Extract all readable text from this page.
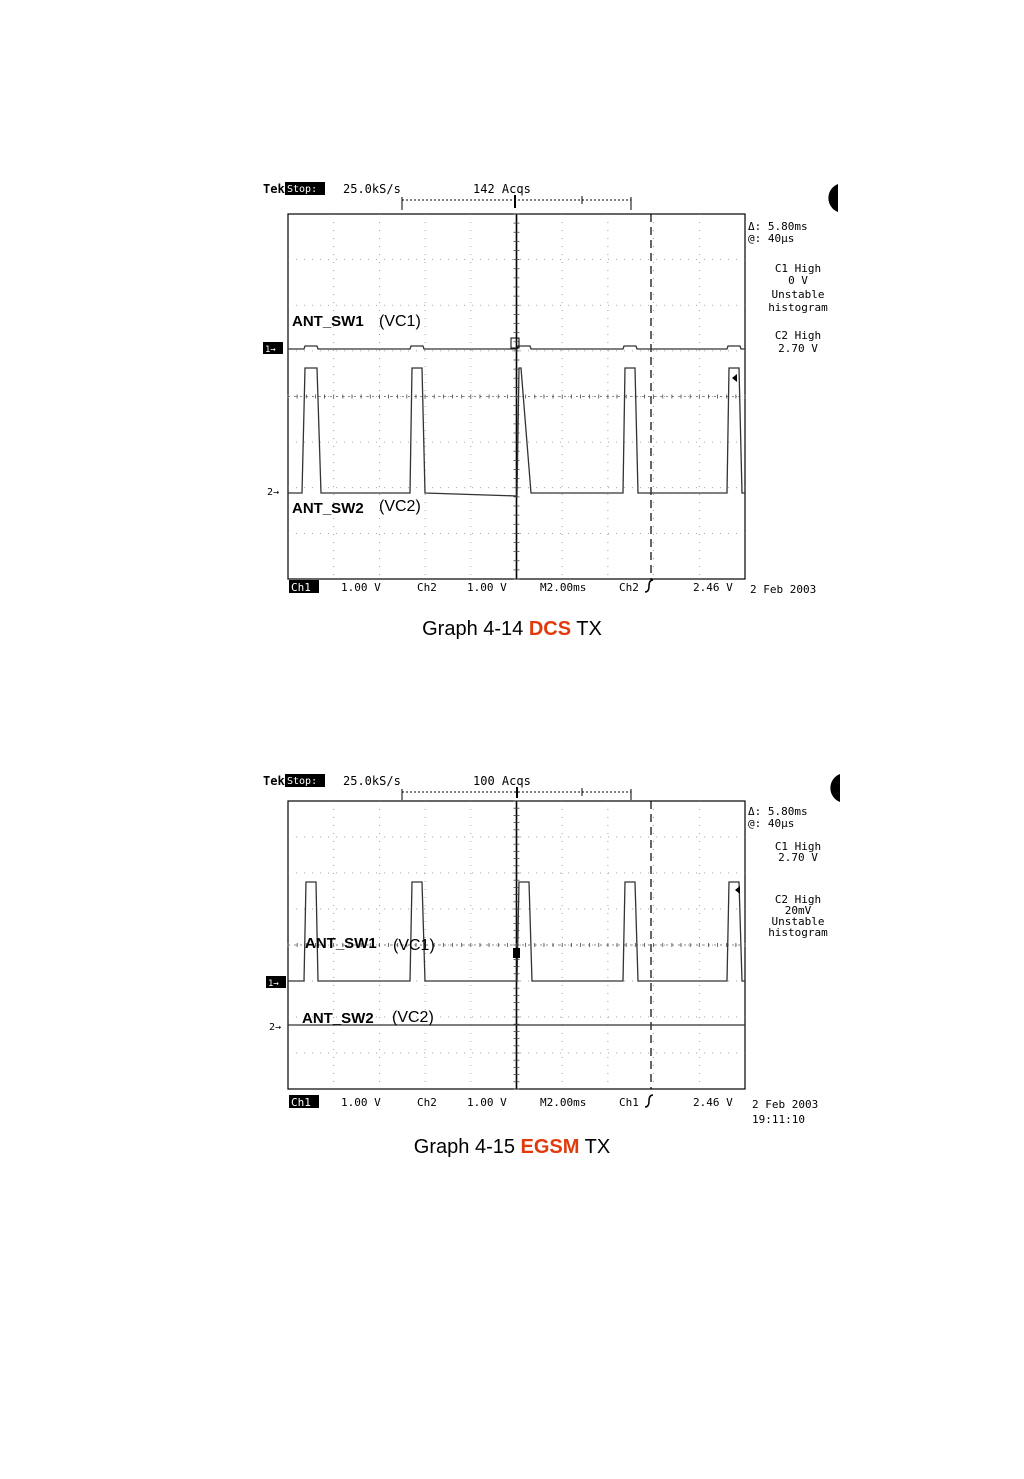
Tek Stop: 25.0kS/s	142 Acqs
Δ: 5.80ms
@: 40µs
C1 High
0 V
Unstable
histogram
C2 High
2.70 V
1→
2→
ANT_SW1 (VC1)
ANT_SW2 (VC2)
Ch1	1.00 V	Ch2	1.00 V	M2.00ms	Ch2	2.46 V 2 Feb 2003
Graph 4-14 DCS TX
Tek Stop: 25.0kS/s	100 Acqs
Δ: 5.80ms
@: 40µs
C1 High
2.70 V
C2 High
20mV
Unstable
histogram
1→
2→
ANT_SW1 (VC1)
ANT_SW2 (VC2)
Ch1	1.00 V	Ch2	1.00 V	M2.00ms	Ch1	2.46 V 2 Feb 2003
19:11:10
Graph 4-15 EGSM TX
